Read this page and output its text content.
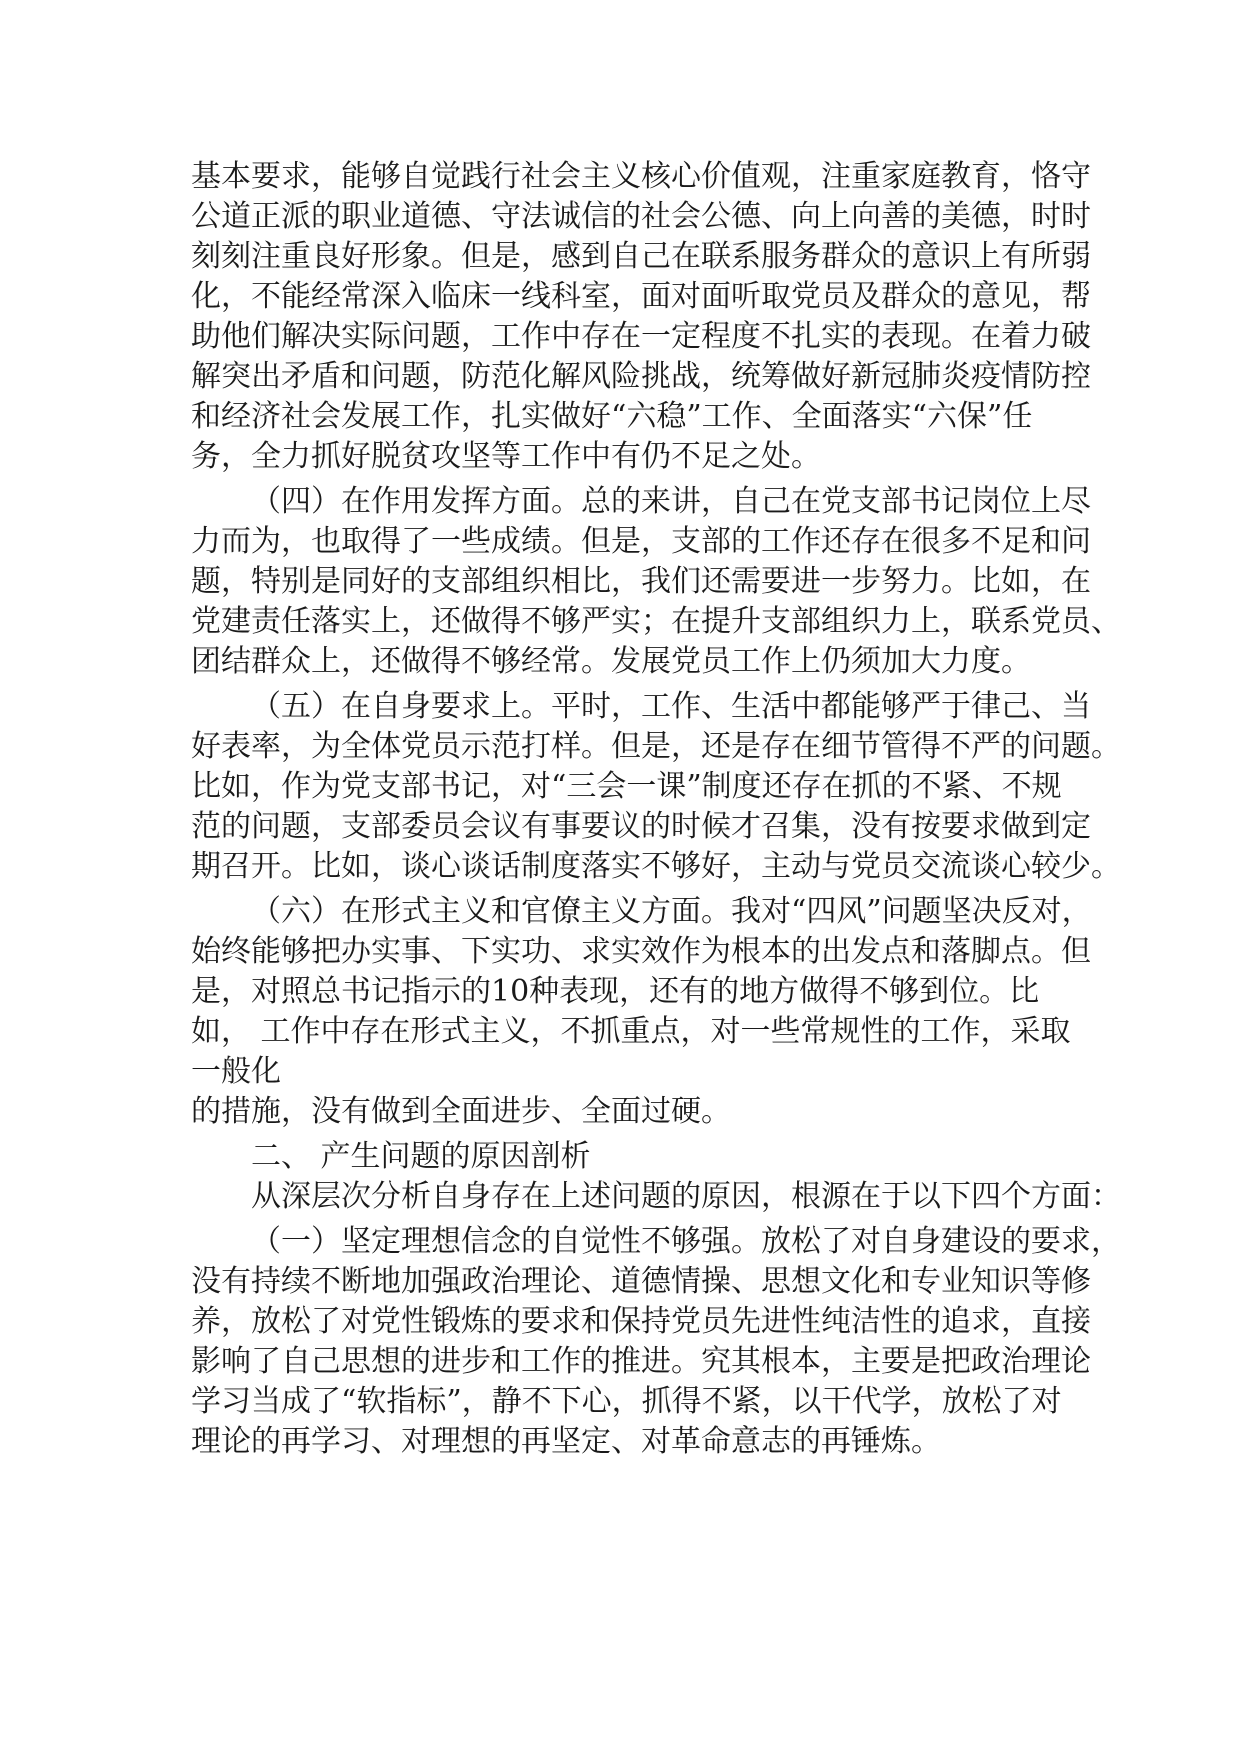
基本要求，能够自觉践行社会主义核心价值观，注重家庭教育，恪守
公道正派的职业道德、守法诚信的社会公德、向上向善的美德，时时
刻刻注重良好形象。但是，感到自己在联系服务群众的意识上有所弱
化，不能经常深入临床一线科室，面对面听取党员及群众的意见，帮
助他们解决实际问题，工作中存在一定程度不扎实的表现。在着力破
解突出矛盾和问题，防范化解风险挑战，统筹做好新冠肺炎疫情防控
和经济社会发展工作，扎实做好“六稳”工作、全面落实“六保”任
务，全力抓好脱贫攻坚等工作中有仍不足之处。
（四）在作用发挥方面。总的来讲，自己在党支部书记岗位上尽
力而为，也取得了一些成绩。但是，支部的工作还存在很多不足和问
题，特别是同好的支部组织相比，我们还需要进一步努力。比如，在
党建责任落实上，还做得不够严实；在提升支部组织力上，联系党员、
团结群众上，还做得不够经常。发展党员工作上仍须加大力度。
（五）在自身要求上。平时，工作、生活中都能够严于律己、当
好表率，为全体党员示范打样。但是，还是存在细节管得不严的问题。
比如，作为党支部书记，对“三会一课”制度还存在抓的不紧、不规
范的问题，支部委员会议有事要议的时候才召集，没有按要求做到定
期召开。比如，谈心谈话制度落实不够好，主动与党员交流谈心较少。
（六）在形式主义和官僚主义方面。我对“四风”问题坚决反对，
始终能够把办实事、下实功、求实效作为根本的出发点和落脚点。但
是，对照总书记指示的10种表现，还有的地方做得不够到位。比
如， 工作中存在形式主义，不抓重点，对一些常规性的工作，采取
一般化
的措施，没有做到全面进步、全面过硬。
二、 产生问题的原因剖析
从深层次分析自身存在上述问题的原因，根源在于以下四个方面：
（一）坚定理想信念的自觉性不够强。放松了对自身建设的要求，
没有持续不断地加强政治理论、道德情操、思想文化和专业知识等修
养，放松了对党性锻炼的要求和保持党员先进性纯洁性的追求，直接
影响了自己思想的进步和工作的推进。究其根本，主要是把政治理论
学习当成了“软指标”，静不下心，抓得不紧，以干代学，放松了对
理论的再学习、对理想的再坚定、对革命意志的再锤炼。
